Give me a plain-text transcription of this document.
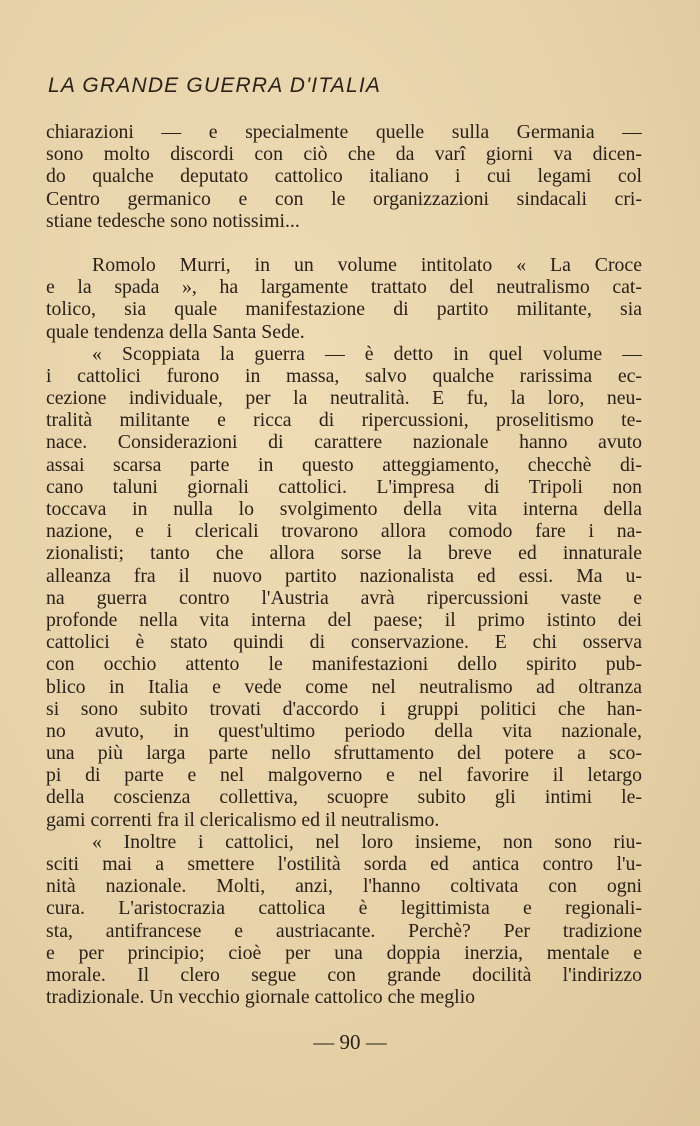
LA GRANDE GUERRA D'ITALIA
chiarazioni — e specialmente quelle sulla Germania —
sono molto discordi con ciò che da varî giorni va dicen-
do qualche deputato cattolico italiano i cui legami col
Centro germanico e con le organizzazioni sindacali cri-
stiane tedesche sono notissimi...
Romolo Murri, in un volume intitolato « La Croce
e la spada », ha largamente trattato del neutralismo cat-
tolico, sia quale manifestazione di partito militante, sia
quale tendenza della Santa Sede.
« Scoppiata la guerra — è detto in quel volume —
i cattolici furono in massa, salvo qualche rarissima ec-
cezione individuale, per la neutralità. E fu, la loro, neu-
tralità militante e ricca di ripercussioni, proselitismo te-
nace. Considerazioni di carattere nazionale hanno avuto
assai scarsa parte in questo atteggiamento, checchè di-
cano taluni giornali cattolici. L'impresa di Tripoli non
toccava in nulla lo svolgimento della vita interna della
nazione, e i clericali trovarono allora comodo fare i na-
zionalisti; tanto che allora sorse la breve ed innaturale
alleanza fra il nuovo partito nazionalista ed essi. Ma u-
na guerra contro l'Austria avrà ripercussioni vaste e
profonde nella vita interna del paese; il primo istinto dei
cattolici è stato quindi di conservazione. E chi osserva
con occhio attento le manifestazioni dello spirito pub-
blico in Italia e vede come nel neutralismo ad oltranza
si sono subito trovati d'accordo i gruppi politici che han-
no avuto, in quest'ultimo periodo della vita nazionale,
una più larga parte nello sfruttamento del potere a sco-
pi di parte e nel malgoverno e nel favorire il letargo
della coscienza collettiva, scuopre subito gli intimi le-
gami correnti fra il clericalismo ed il neutralismo.
« Inoltre i cattolici, nel loro insieme, non sono riu-
sciti mai a smettere l'ostilità sorda ed antica contro l'u-
nità nazionale. Molti, anzi, l'hanno coltivata con ogni
cura. L'aristocrazia cattolica è legittimista e regionali-
sta, antifrancese e austriacante. Perchè? Per tradizione
e per principio; cioè per una doppia inerzia, mentale e
morale. Il clero segue con grande docilità l'indirizzo
tradizionale. Un vecchio giornale cattolico che meglio
— 90 —
